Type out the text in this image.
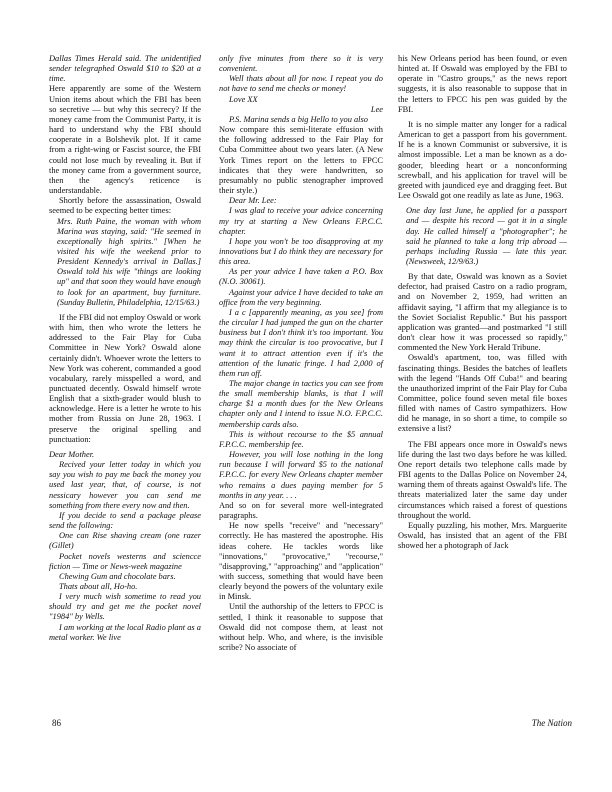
Dallas Times Herald said. The unidentified sender telegraphed Oswald $10 to $20 at a time.

Here apparently are some of the Western Union items about which the FBI has been so secretive — but why this secrecy? If the money came from the Communist Party, it is hard to understand why the FBI should cooperate in a Bolshevik plot. If it came from a right-wing or Fascist source, the FBI could not lose much by revealing it. But if the money came from a government source, then the agency's reticence is understandable.

Shortly before the assassination, Oswald seemed to be expecting better times:

Mrs. Ruth Paine, the woman with whom Marina was staying, said: "He seemed in exceptionally high spirits." [When he visited his wife the weekend prior to President Kennedy's arrival in Dallas.] Oswald told his wife "things are looking up" and that soon they would have enough to look for an apartment, buy furniture. (Sunday Bulletin, Philadelphia, 12/15/63.)

If the FBI did not employ Oswald or work with him, then who wrote the letters he addressed to the Fair Play for Cuba Committee in New York? Oswald alone certainly didn't. Whoever wrote the letters to New York was coherent, commanded a good vocabulary, rarely misspelled a word, and punctuated decently. Oswald himself wrote English that a sixth-grader would blush to acknowledge. Here is a letter he wrote to his mother from Russia on June 28, 1963. I preserve the original spelling and punctuation:

Dear Mother.

Recived your letter today in which you say you wish to pay me back the money you used last year, that, of course, is not nessicary however you can send me something from there every now and then.

If you decide to send a package please send the following:

One can Rise shaving cream (one razer (Gillet)

Pocket novels westerns and sciencce fiction — Time or News-week magazine

Chewing Gum and chocolate bars.

Thats about all, Ho-ho.

I very much wish sometime to read you should try and get me the pocket novel "1984" by Wells.

I am working at the local Radio plant as a metal worker. We live

only five minutes from there so it is very convenient.

Well thats about all for now. I repeat you do not have to send me checks or money!

Love XX

Lee

P.S. Marina sends a big Hello to you also

Now compare this semi-literate effusion with the following addressed to the Fair Play for Cuba Committee about two years later. (A New York Times report on the letters to FPCC indicates that they were handwritten, so presumably no public stenographer improved their style.)

Dear Mr. Lee:

I was glad to receive your advice concerning my try at starting a New Orleans F.P.C.C. chapter.

I hope you won't be too disapproving at my innovations but I do think they are necessary for this area.

As per your advice I have taken a P.O. Box (N.O. 30061).

Against your advice I have decided to take an office from the very beginning.

I a c [apparently meaning, as you see] from the circular I had jumped the gun on the charter business but I don't think it's too important. You may think the circular is too provocative, but I want it to attract attention even if it's the attention of the lunatic fringe. I had 2,000 of them run off.

The major change in tactics you can see from the small membership blanks, is that I will charge $1 a month dues for the New Orleans chapter only and I intend to issue N.O. F.P.C.C. membership cards also.

This is without recourse to the $5 annual F.P.C.C. membership fee.

However, you will lose nothing in the long run because I will forward $5 to the national F.P.C.C. for every New Orleans chapter member who remains a dues paying member for 5 months in any year. . . .

And so on for several more well-integrated paragraphs.

He now spells "receive" and "necessary" correctly. He has mastered the apostrophe. His ideas cohere. He tackles words like "innovations," "provocative," "recourse," "disapproving," "approaching" and "application" with success, something that would have been clearly beyond the powers of the voluntary exile in Minsk.

Until the authorship of the letters to FPCC is settled, I think it reasonable to suppose that Oswald did not compose them, at least not without help. Who, and where, is the invisible scribe? No associate of

his New Orleans period has been found, or even hinted at. If Oswald was employed by the FBI to operate in "Castro groups," as the news report suggests, it is also reasonable to suppose that in the letters to FPCC his pen was guided by the FBI.

It is no simple matter any longer for a radical American to get a passport from his government. If he is a known Communist or subversive, it is almost impossible. Let a man be known as a do-gooder, bleeding heart or a nonconforming screwball, and his application for travel will be greeted with jaundiced eye and dragging feet. But Lee Oswald got one readily as late as June, 1963.

One day last June, he applied for a passport and — despite his record — got it in a single day. He called himself a "photographer"; he said he planned to take a long trip abroad — perhaps including Russia — late this year. (Newsweek, 12/9/63.)

By that date, Oswald was known as a Soviet defector, had praised Castro on a radio program, and on November 2, 1959, had written an affidavit saying, "I affirm that my allegiance is to the Soviet Socialist Republic." But his passport application was granted—and postmarked "I still don't clear how it was processed so rapidly," commented the New York Herald Tribune.

Oswald's apartment, too, was filled with fascinating things. Besides the batches of leaflets with the legend "Hands Off Cuba!" and bearing the unauthorized imprint of the Fair Play for Cuba Committee, police found seven metal file boxes filled with names of Castro sympathizers. How did he manage, in so short a time, to compile so extensive a list?

The FBI appears once more in Oswald's news life during the last two days before he was killed. One report details two telephone calls made by FBI agents to the Dallas Police on November 24, warning them of threats against Oswald's life. The threats materialized later the same day under circumstances which raised a forest of questions throughout the world.

Equally puzzling, his mother, Mrs. Marguerite Oswald, has insisted that an agent of the FBI showed her a photograph of Jack

86	The Nation
